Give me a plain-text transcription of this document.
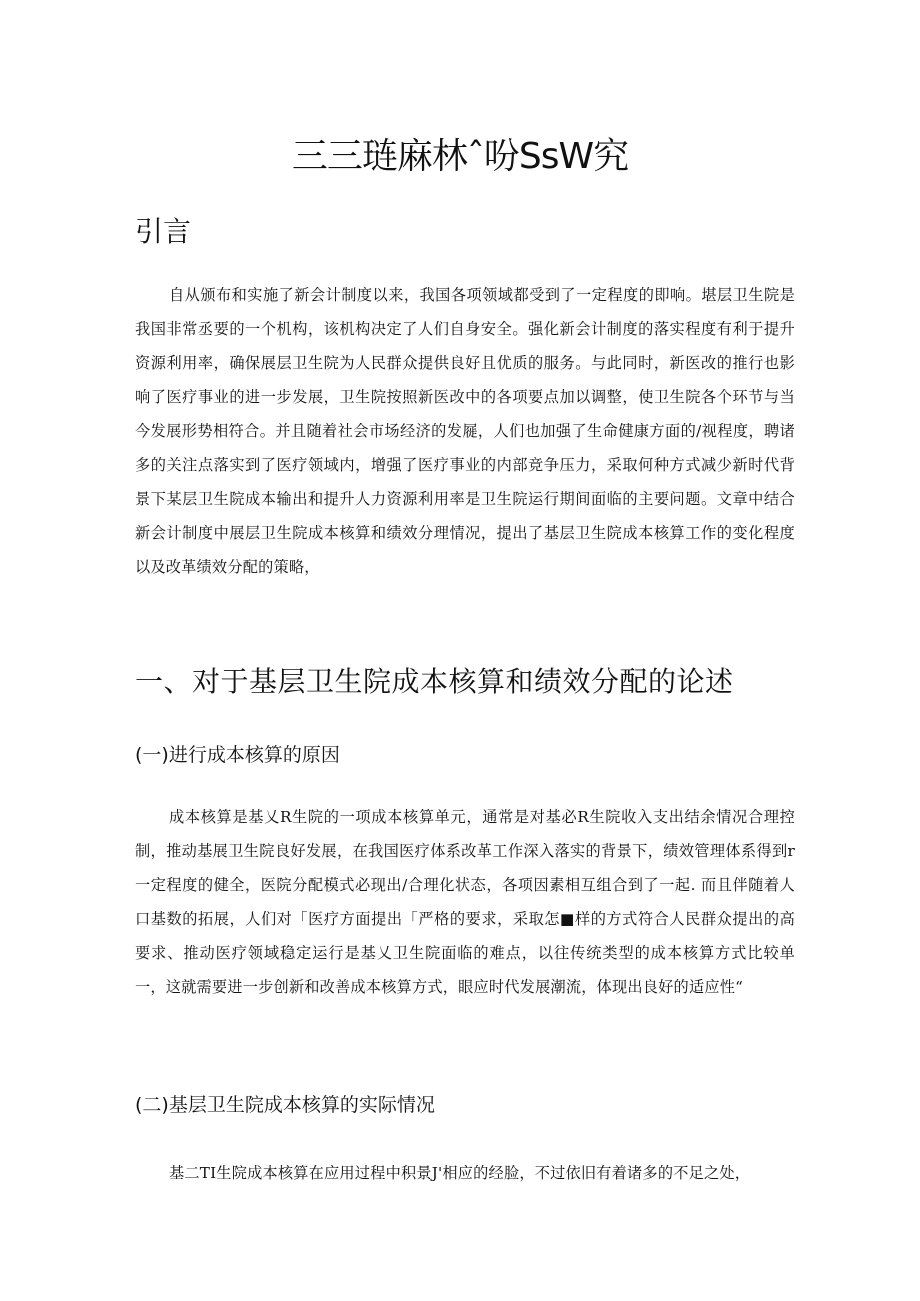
三三琏麻林ˆ吩SsW究
引言

自从颁布和实施了新会计制度以来，我国各项领域都受到了一定程度的即响。堪层卫生院是我国非常丞要的一个机构，该机构决定了人们自身安全。强化新会计制度的落实程度有利于提升资源利用率，确保展层卫生院为人民群众提供良好且优质的服务。与此同时，新医改的推行也影响了医疗事业的进一步发展，卫生院按照新医改中的各项要点加以调整，使卫生院各个环节与当今发展形势相符合。并且随着社会市场经济的发屣，人们也加强了生命健康方面的/视程度，聘诸多的关注点落实到了医疗领域内，增强了医疗事业的内部竞争压力，采取何种方式减少新时代背景下某层卫生院成本输出和提升人力资源利用率是卫生院运行期间面临的主要问题。文章中结合新会计制度中展层卫生院成本核算和绩效分理情况，提出了基层卫生院成本核算工作的变化程度以及改革绩效分配的策略，

一、对于基层卫生院成本核算和绩效分配的论述
(一)进行成本核算的原因

成本核算是基乂R生院的一项成本核算单元，通常是对基必R生院收入支出结余情况合理控制，推动基展卫生院良好发展，在我国医疗体系改革工作深入落实的背景下，绩效管理体系得到r一定程度的健全，医院分配模式必现出/合理化状态，各项因素相互组合到了一起. 而且伴随着人口基数的拓展，人们对「医疗方面提出「严格的要求，采取怎■样的方式符合人民群众提出的高要求、推动医疗领域稳定运行是基乂卫生院面临的难点，以往传统类型的成本核算方式比较单一，这就需要进一步创新和改善成本核算方式，眼应时代发展潮流，体现出良好的适应性“

(二)基层卫生院成本核算的实际情况

基二TI生院成本核算在应用过程中积景J'相应的经脸，不过依旧有着诸多的不足之处，
